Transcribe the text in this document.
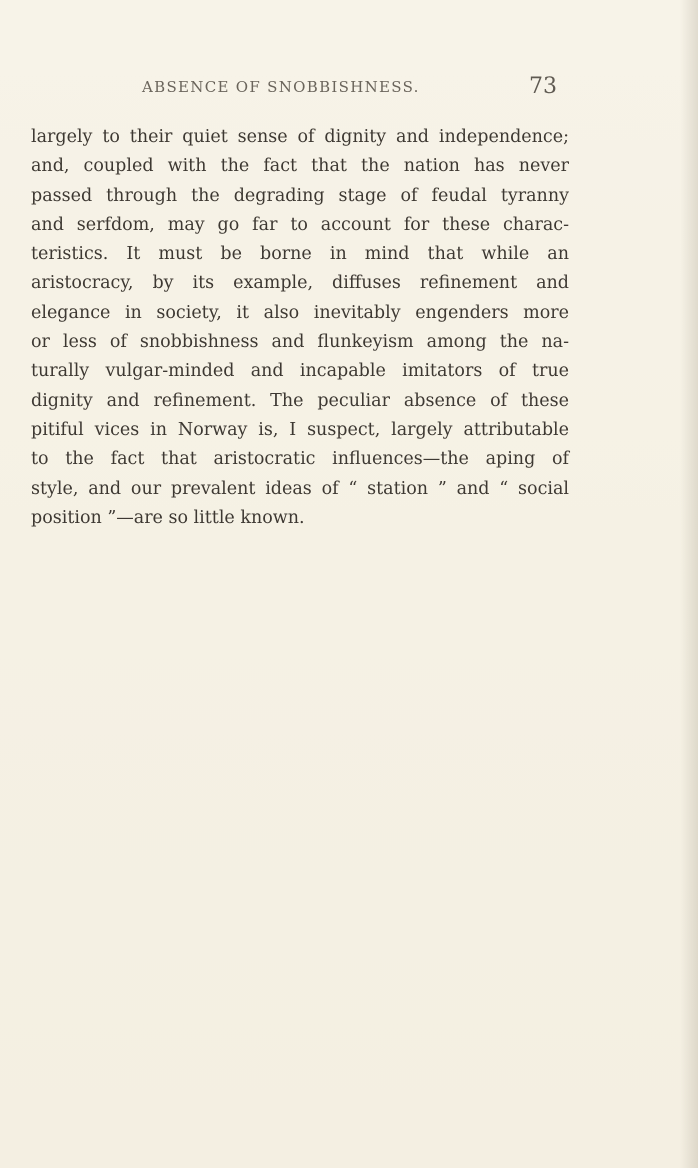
ABSENCE OF SNOBBISHNESS.	73
largely to their quiet sense of dignity and independence;
and, coupled with the fact that the nation has never
passed through the degrading stage of feudal tyranny
and serfdom, may go far to account for these charac-
teristics. It must be borne in mind that while an
aristocracy, by its example, diffuses refinement and
elegance in society, it also inevitably engenders more
or less of snobbishness and flunkeyism among the na-
turally vulgar-minded and incapable imitators of true
dignity and refinement. The peculiar absence of these
pitiful vices in Norway is, I suspect, largely attributable
to the fact that aristocratic influences—the aping of
style, and our prevalent ideas of “ station ” and “ social
position ”—are so little known.
